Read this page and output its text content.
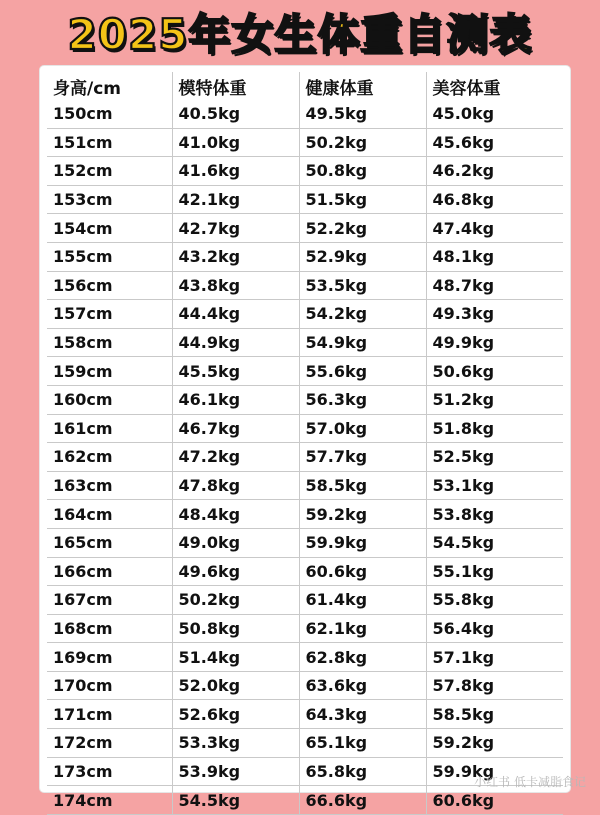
2025年女生体重自测表
身高/cm	模特体重	健康体重	美容体重
150cm	40.5kg	49.5kg	45.0kg
151cm	41.0kg	50.2kg	45.6kg
152cm	41.6kg	50.8kg	46.2kg
153cm	42.1kg	51.5kg	46.8kg
154cm	42.7kg	52.2kg	47.4kg
155cm	43.2kg	52.9kg	48.1kg
156cm	43.8kg	53.5kg	48.7kg
157cm	44.4kg	54.2kg	49.3kg
158cm	44.9kg	54.9kg	49.9kg
159cm	45.5kg	55.6kg	50.6kg
160cm	46.1kg	56.3kg	51.2kg
161cm	46.7kg	57.0kg	51.8kg
162cm	47.2kg	57.7kg	52.5kg
163cm	47.8kg	58.5kg	53.1kg
164cm	48.4kg	59.2kg	53.8kg
165cm	49.0kg	59.9kg	54.5kg
166cm	49.6kg	60.6kg	55.1kg
167cm	50.2kg	61.4kg	55.8kg
168cm	50.8kg	62.1kg	56.4kg
169cm	51.4kg	62.8kg	57.1kg
170cm	52.0kg	63.6kg	57.8kg
171cm	52.6kg	64.3kg	58.5kg
172cm	53.3kg	65.1kg	59.2kg
173cm	53.9kg	65.8kg	59.9kg
174cm	54.5kg	66.6kg	60.6kg
小红书 低卡减脂食记
